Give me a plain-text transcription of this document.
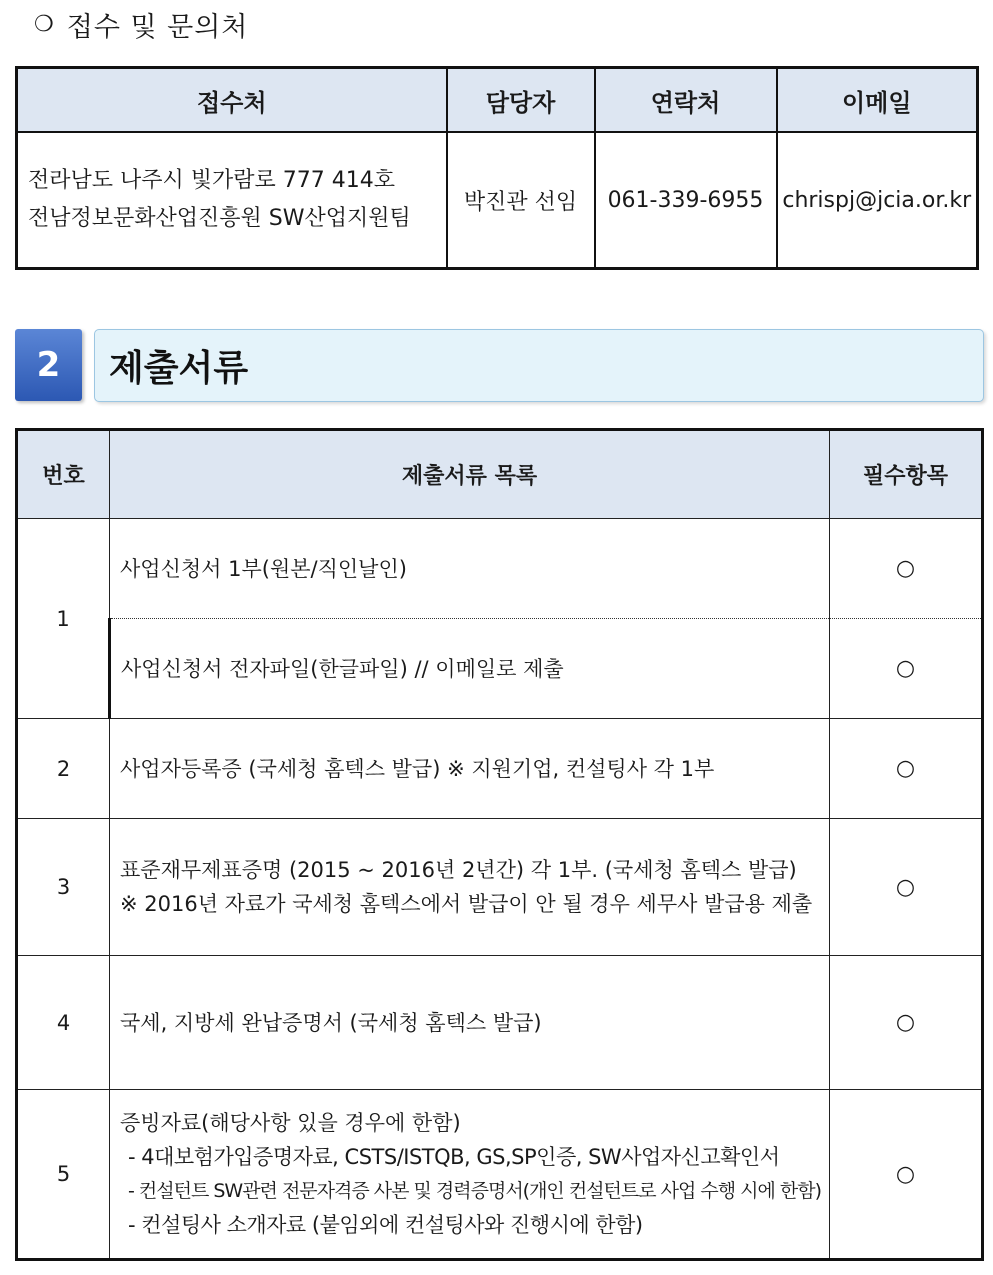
❍ 접수 및 문의처
접수처	담당자	연락처	이메일

전라남도 나주시 빛가람로 777 414호
전남정보문화산업진흥원 SW산업지원팀	박진관 선임	061-339-6955	chrispj@jcia.or.kr
2	제출서류
번호	제출서류 목록	필수항목
1	사업신청서 1부(원본/직인날인)	○
	사업신청서 전자파일(한글파일) // 이메일로 제출	○
2	사업자등록증 (국세청 홈텍스 발급) ※ 지원기업, 컨설팅사 각 1부	○
3	표준재무제표증명 (2015 ~ 2016년 2년간) 각 1부. (국세청 홈텍스 발급)
※ 2016년 자료가 국세청 홈텍스에서 발급이 안 될 경우 세무사 발급용 제출	○
4	국세, 지방세 완납증명서 (국세청 홈텍스 발급)	○
5	증빙자료(해당사항 있을 경우에 한함)
- 4대보험가입증명자료, CSTS/ISTQB, GS,SP인증, SW사업자신고확인서
- 컨설턴트 SW관련 전문자격증 사본 및 경력증명서(개인 컨설턴트로 사업 수행 시에 한함)
- 컨설팅사 소개자료 (붙임외에 컨설팅사와 진행시에 한함)	○
